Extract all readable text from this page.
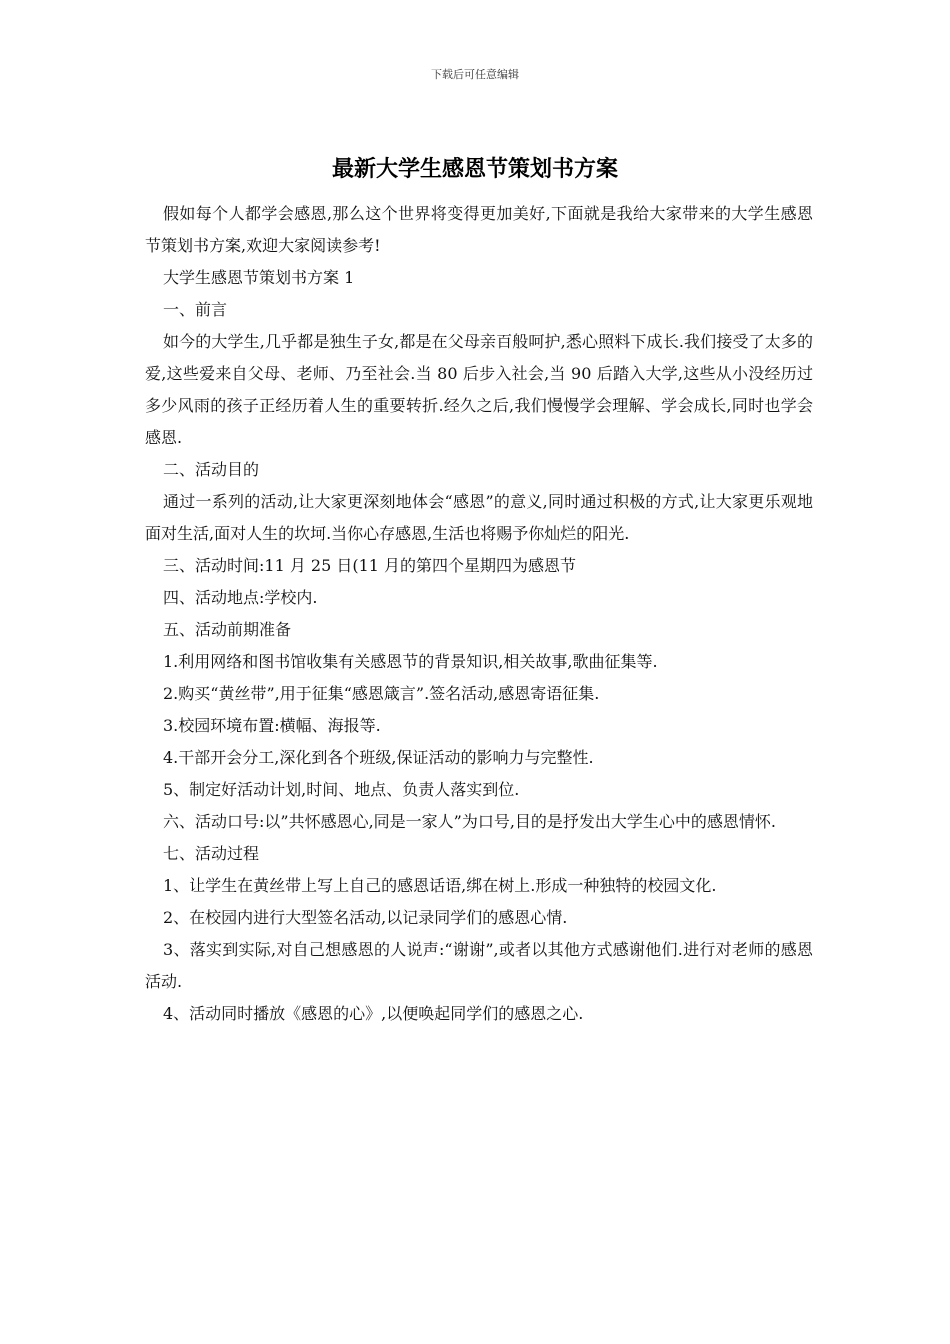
下载后可任意编辑
最新大学生感恩节策划书方案

假如每个人都学会感恩,那么这个世界将变得更加美好,下面就是我给大家带来的大学生感恩节策划书方案,欢迎大家阅读参考!

大学生感恩节策划书方案 1

一、前言

如今的大学生,几乎都是独生子女,都是在父母亲百般呵护,悉心照料下成长.我们接受了太多的爱,这些爱来自父母、老师、乃至社会.当 80 后步入社会,当 90 后踏入大学,这些从小没经历过多少风雨的孩子正经历着人生的重要转折.经久之后,我们慢慢学会理解、学会成长,同时也学会感恩.

二、活动目的

通过一系列的活动,让大家更深刻地体会“感恩”的意义,同时通过积极的方式,让大家更乐观地面对生活,面对人生的坎坷.当你心存感恩,生活也将赐予你灿烂的阳光.

三、活动时间:11 月 25 日(11 月的第四个星期四为感恩节

四、活动地点:学校内.

五、活动前期准备

1.利用网络和图书馆收集有关感恩节的背景知识,相关故事,歌曲征集等.

2.购买“黄丝带”,用于征集“感恩箴言”.签名活动,感恩寄语征集.

3.校园环境布置:横幅、海报等.

4.干部开会分工,深化到各个班级,保证活动的影响力与完整性.

5、制定好活动计划,时间、地点、负责人落实到位.

六、活动口号:以”共怀感恩心,同是一家人”为口号,目的是抒发出大学生心中的感恩情怀.

七、活动过程

1、让学生在黄丝带上写上自己的感恩话语,绑在树上.形成一种独特的校园文化.

2、在校园内进行大型签名活动,以记录同学们的感恩心情.

3、落实到实际,对自己想感恩的人说声:“谢谢”,或者以其他方式感谢他们.进行对老师的感恩活动.

4、活动同时播放《感恩的心》,以便唤起同学们的感恩之心.
